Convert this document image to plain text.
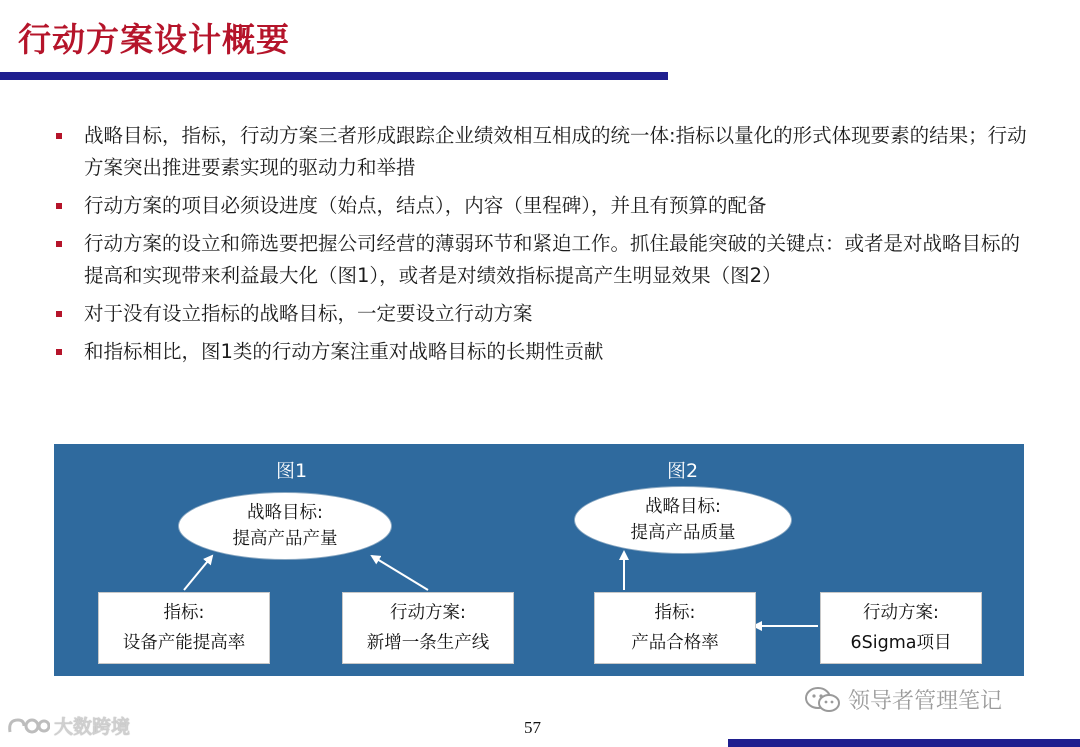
行动方案设计概要
战略目标，指标，行动方案三者形成跟踪企业绩效相互相成的统一体:指标以量化的形式体现要素的结果；行动方案突出推进要素实现的驱动力和举措
行动方案的项目必须设进度（始点，结点），内容（里程碑），并且有预算的配备
行动方案的设立和筛选要把握公司经营的薄弱环节和紧迫工作。抓住最能突破的关键点：或者是对战略目标的提高和实现带来利益最大化（图1），或者是对绩效指标提高产生明显效果（图2）
对于没有设立指标的战略目标，一定要设立行动方案
和指标相比，图1类的行动方案注重对战略目标的长期性贡献
图1
战略目标:
提高产品产量
指标:
设备产能提高率
行动方案:
新增一条生产线
图2
战略目标:
提高产品质量
指标:
产品合格率
行动方案:
6Sigma项目
领导者管理笔记
57
大数跨境
